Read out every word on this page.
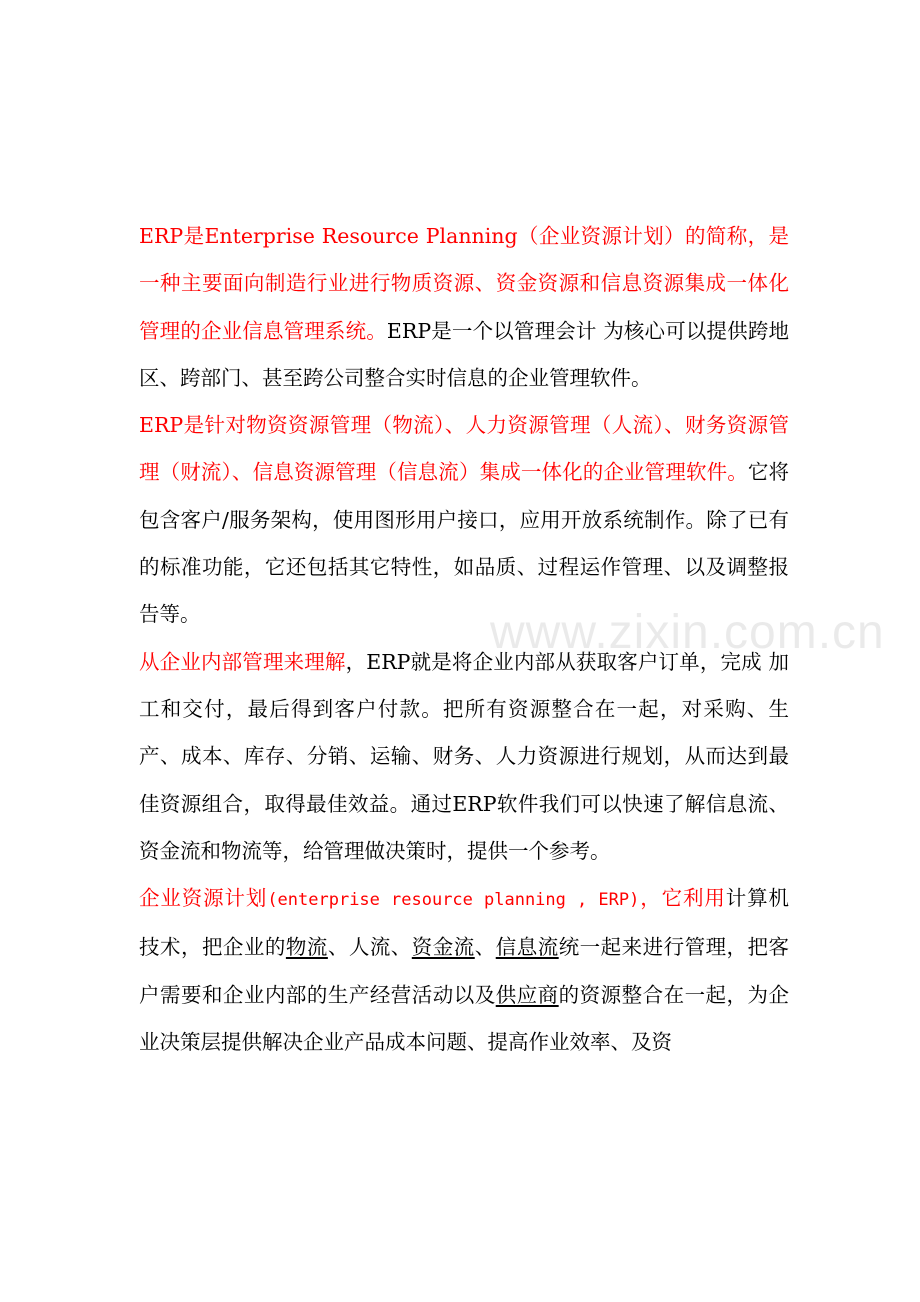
www.zixin.com.cn

ERP是Enterprise Resource Planning（企业资源计划）的简称，是一种主要面向制造行业进行物质资源、资金资源和信息资源集成一体化管理的企业信息管理系统。ERP是一个以管理会计 为核心可以提供跨地区、跨部门、甚至跨公司整合实时信息的企业管理软件。

ERP是针对物资资源管理（物流）、人力资源管理（人流）、财务资源管理（财流）、信息资源管理（信息流）集成一体化的企业管理软件。它将包含客户/服务架构，使用图形用户接口，应用开放系统制作。除了已有的标准功能，它还包括其它特性，如品质、过程运作管理、以及调整报告等。

从企业内部管理来理解，ERP就是将企业内部从获取客户订单，完成 加工和交付，最后得到客户付款。把所有资源整合在一起，对采购、生产、成本、库存、分销、运输、财务、人力资源进行规划，从而达到最佳资源组合，取得最佳效益。通过ERP软件我们可以快速了解信息流、资金流和物流等，给管理做决策时，提供一个参考。

企业资源计划(enterprise resource planning , ERP)，它利用计算机技术，把企业的物流、人流、资金流、信息流统一起来进行管理，把客户需要和企业内部的生产经营活动以及供应商的资源整合在一起，为企业决策层提供解决企业产品成本问题、提高作业效率、及资
